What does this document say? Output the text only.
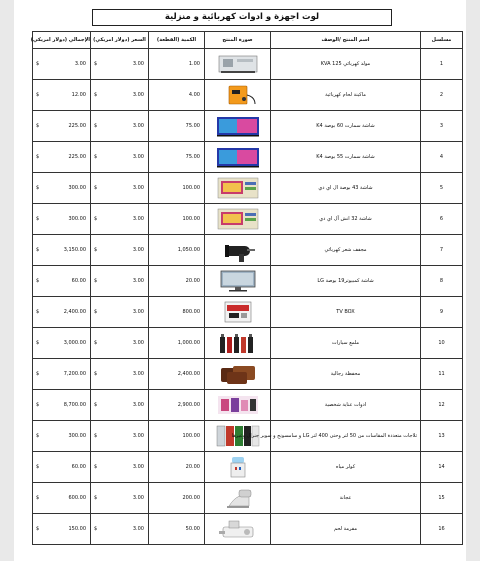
لوت اجهزة و ادوات كهربائية و منزلية
الإجمالي (دولار امريكي)	السعر (دولار امريكي)	الكمية (القطعة)	صورة المنتج	اسم المنتج /الوصف	مسلسل

$ 3.00	$ 3.00	1.00		مولد كهربائي KVA 125	1

$ 12.00	$ 3.00	4.00		ماكينة لحام كهربائية	2

$ 225.00	$ 3.00	75.00		شاشة سمارت 60 بوصة K4	3

$ 225.00	$ 3.00	75.00		شاشة سمارت 55 بوصة K4	4

$ 300.00	$ 3.00	100.00		شاشة 43 بوصة ال اي دي	5

$ 300.00	$ 3.00	100.00		شاشة 32 انش آل اي دي	6

$ 3,150.00	$ 3.00	1,050.00		مجفف شعر كهربائي	7

$ 60.00	$ 3.00	20.00		شاشة كمبيوتر19 بوصة LG	8

$ 2,400.00	$ 3.00	800.00		TV BOX	9

$ 3,000.00	$ 3.00	1,000.00		ملمع سيارات	10

$ 7,200.00	$ 3.00	2,400.00		محفظة رجالية	11

$ 8,700.00	$ 3.00	2,900.00		ادوات عناية شخصية	12

$ 300.00	$ 3.00	100.00		ثلاجات متعددة المقاسات من 50 لتر وحتى 400 لتر LG و سامسونج و سوبر جنرال وغيرها	13

$ 60.00	$ 3.00	20.00		كولر مياه	14

$ 600.00	$ 3.00	200.00		عجانة	15

$ 150.00	$ 3.00	50.00		مفرمة لحم	16
